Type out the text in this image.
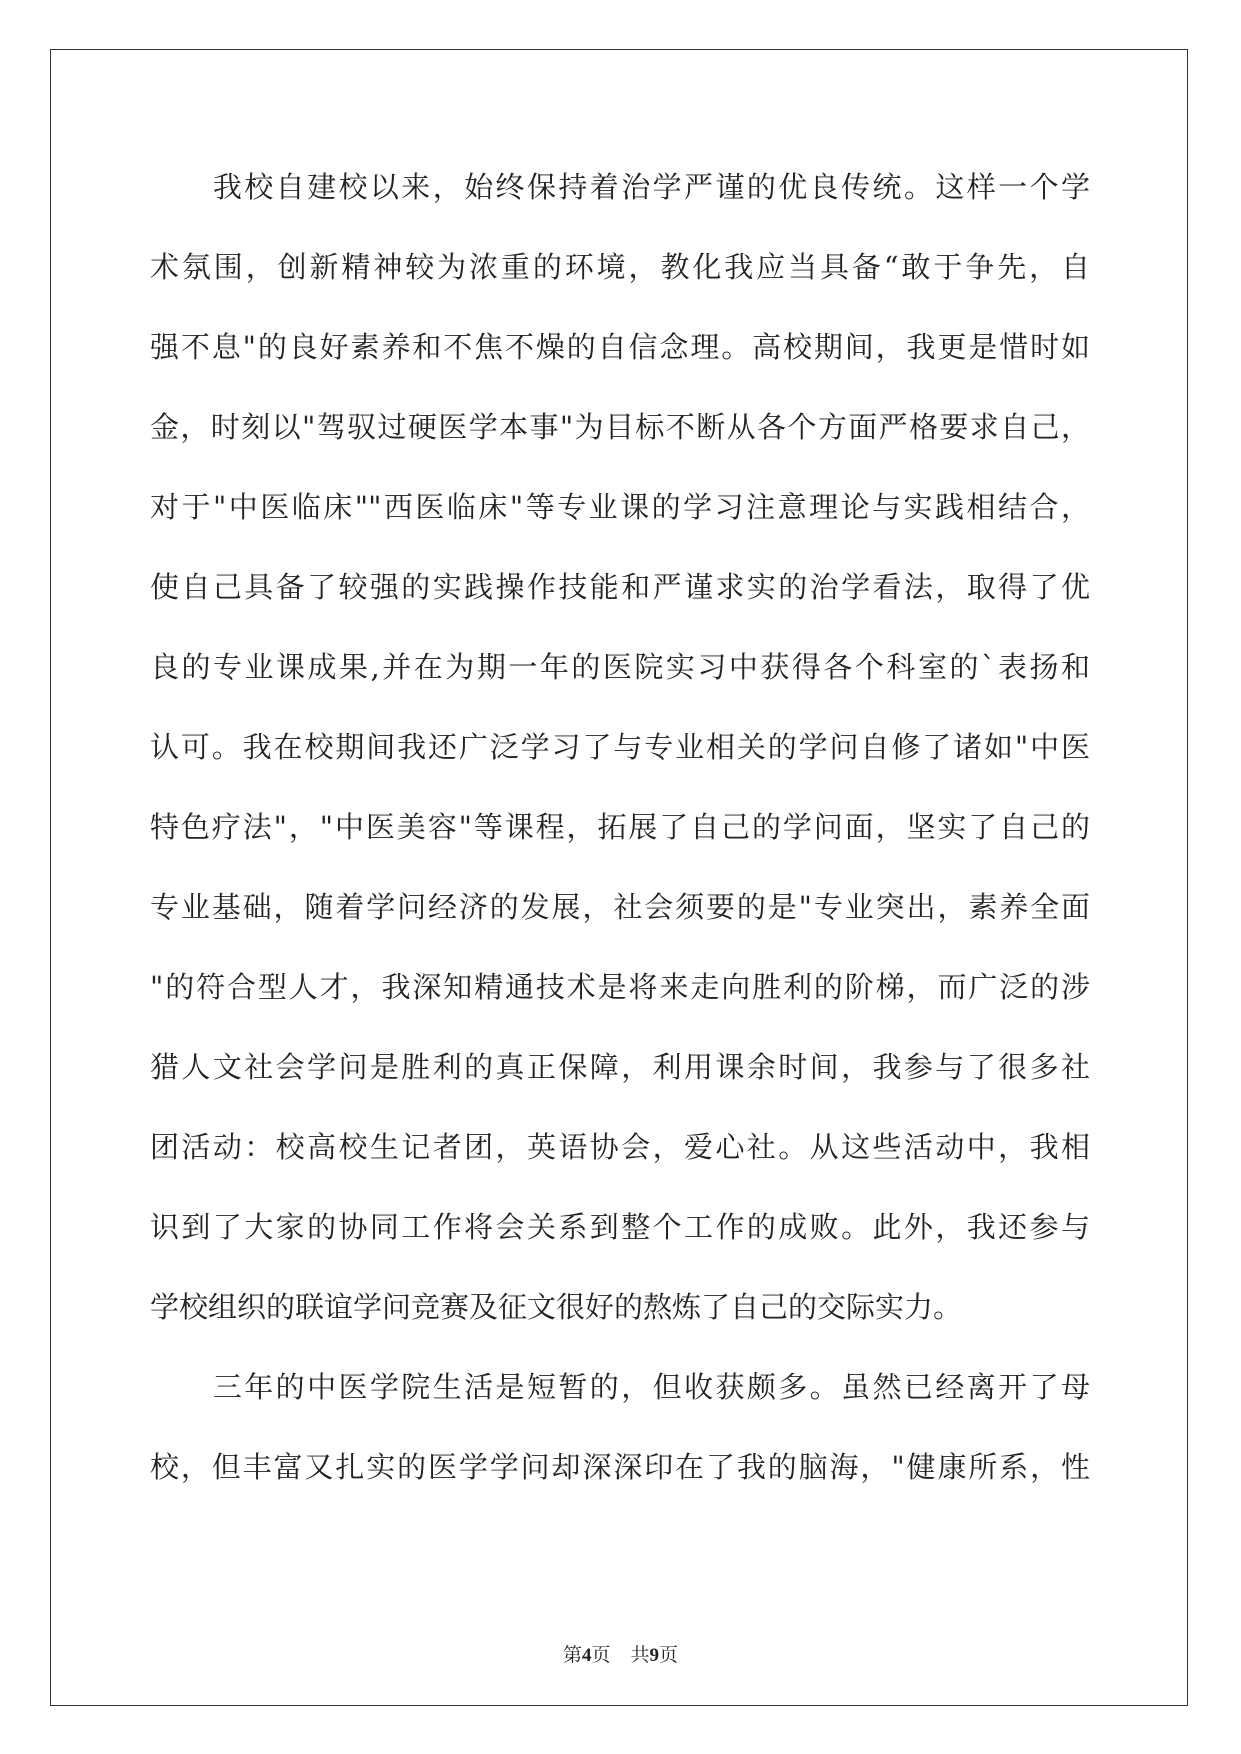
　　我校自建校以来，始终保持着治学严谨的优良传统。这样一个学
术氛围，创新精神较为浓重的环境，教化我应当具备“敢于争先，自
强不息"的良好素养和不焦不燥的自信念理。高校期间，我更是惜时如
金，时刻以"驾驭过硬医学本事"为目标不断从各个方面严格要求自己，
对于"中医临床""西医临床"等专业课的学习注意理论与实践相结合，
使自己具备了较强的实践操作技能和严谨求实的治学看法，取得了优
良的专业课成果,并在为期一年的医院实习中获得各个科室的`表扬和
认可。我在校期间我还广泛学习了与专业相关的学问自修了诸如"中医
特色疗法"，"中医美容"等课程，拓展了自己的学问面，坚实了自己的
专业基础，随着学问经济的发展，社会须要的是"专业突出，素养全面
"的符合型人才，我深知精通技术是将来走向胜利的阶梯，而广泛的涉
猎人文社会学问是胜利的真正保障，利用课余时间，我参与了很多社
团活动：校高校生记者团，英语协会，爱心社。从这些活动中，我相
识到了大家的协同工作将会关系到整个工作的成败。此外，我还参与
学校组织的联谊学问竞赛及征文很好的熬炼了自己的交际实力。
　　三年的中医学院生活是短暂的，但收获颇多。虽然已经离开了母
校，但丰富又扎实的医学学问却深深印在了我的脑海，"健康所系，性
第4页 共9页
